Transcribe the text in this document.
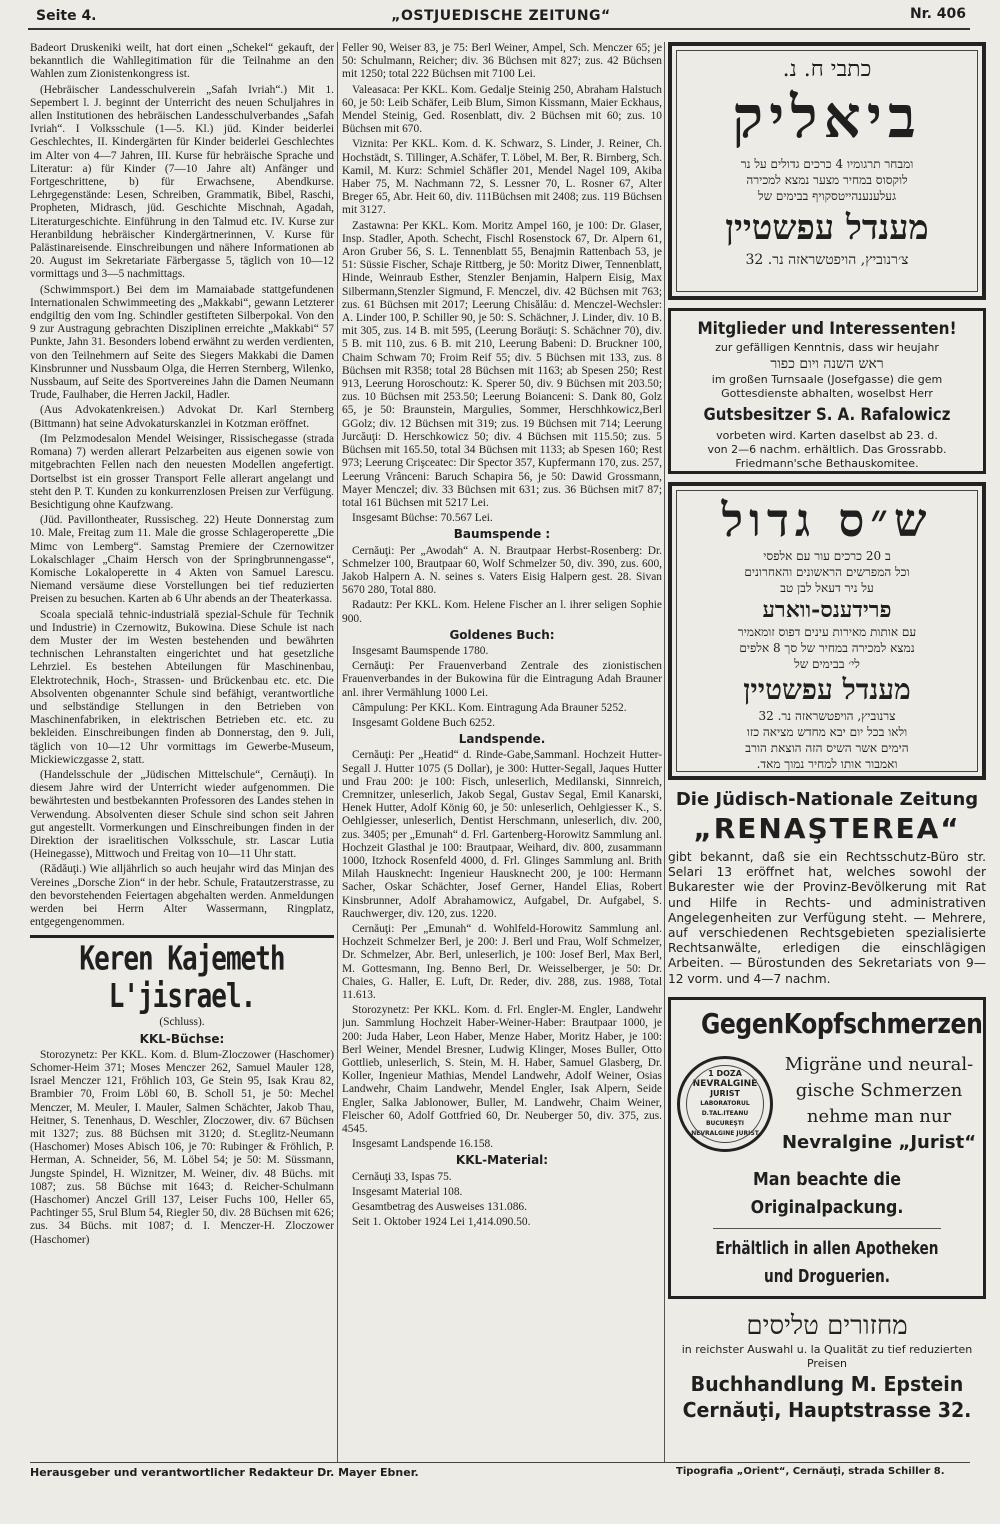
Seite 4.	„OSTJUEDISCHE ZEITUNG“	Nr. 406

Badeort Druskeniki weilt, hat dort einen „Schekel“ gekauft, der bekanntlich die Wahllegitimation für die Teilnahme an den Wahlen zum Zionistenkongress ist.

(Hebräischer Landesschulverein „Safah Ivriah“.) Mit 1. Sepembert l. J. beginnt der Unterricht des neuen Schuljahres in allen Institutionen des hebräischen Landesschulverbandes „Safah Ivriah“. I Volksschule (1—5. Kl.) jüd. Kinder beiderlei Geschlechtes, II. Kindergärten für Kinder beiderlei Geschlechtes im Alter von 4—7 Jahren, III. Kurse für hebräische Sprache und Literatur: a) für Kinder (7—10 Jahre alt) Anfänger und Fortgeschrittene, b) für Erwachsene, Abendkurse. Lehrgegenstände: Lesen, Schreiben, Grammatik, Bibel, Raschi, Propheten, Midrasch, jüd. Geschichte Mischnah, Agadah, Literaturgeschichte. Einführung in den Talmud etc. IV. Kurse zur Heranbildung hebräischer Kindergärtnerinnen, V. Kurse für Palästinareisende. Einschreibungen und nähere Informationen ab 20. August im Sekretariate Färbergasse 5, täglich von 10—12 vormittags und 3—5 nachmittags.

(Schwimmsport.) Bei dem im Mamaiabade stattgefundenen Internationalen Schwimmeeting des „Makkabi“, gewann Letzterer endgiltig den vom Ing. Schindler gestifteten Silberpokal. Von den 9 zur Austragung gebrachten Disziplinen erreichte „Makkabi“ 57 Punkte, Jahn 31. Besonders lobend erwähnt zu werden verdienten, von den Teilnehmern auf Seite des Siegers Makkabi die Damen Kinsbrunner und Nussbaum Olga, die Herren Sternberg, Wilenko, Nussbaum, auf Seite des Sportvereines Jahn die Damen Neumann Trude, Faulhaber, die Herren Jackil, Hadler.

(Aus Advokatenkreisen.) Advokat Dr. Karl Sternberg (Bittmann) hat seine Advokaturskanzlei in Kotzman eröffnet.

(Im Pelzmodesalon Mendel Weisinger, Rissischegasse (strada Romana) 7) werden allerart Pelzarbeiten aus eigenen sowie von mitgebrachten Fellen nach den neuesten Modellen angefertigt. Dortselbst ist ein grosser Transport Felle allerart angelangt und steht den P. T. Kunden zu konkurrenzlosen Preisen zur Verfügung. Besichtigung ohne Kaufzwang.

(Jüd. Pavillontheater, Russischeg. 22) Heute Donnerstag zum 10. Male, Freitag zum 11. Male die grosse Schlageroperette „Die Mimc von Lemberg“. Samstag Premiere der Czernowitzer Lokalschlager „Chaim Hersch von der Springbrunnengasse“, Komische Lokaloperette in 4 Akten von Samuel Larescu. Niemand versäume diese Vorstellungen bei tief reduzierten Preisen zu besuchen. Karten ab 6 Uhr abends an der Theaterkassa.

Scoala specială tehnic-industrială spezial-Schule für Technik und Industrie) in Czernowitz, Bukowina. Diese Schule ist nach dem Muster der im Westen bestehenden und bewährten technischen Lehranstalten eingerichtet und hat gesetzliche Lehrziel. Es bestehen Abteilungen für Maschinenbau, Elektrotechnik, Hoch-, Strassen- und Brückenbau etc. etc. Die Absolventen obgenannter Schule sind befähigt, verantwortliche und selbständige Stellungen in den Betrieben von Maschinenfabriken, in elektrischen Betrieben etc. etc. zu bekleiden. Einschreibungen finden ab Donnerstag, den 9. Juli, täglich von 10—12 Uhr vormittags im Gewerbe-Museum, Mickiewiczgasse 2, statt.

(Handelsschule der „Jüdischen Mittelschule“, Cernăuţi). In diesem Jahre wird der Unterricht wieder aufgenommen. Die bewährtesten und bestbekannten Professoren des Landes stehen in Verwendung. Absolventen dieser Schule sind schon seit Jahren gut angestellt. Vormerkungen und Einschreibungen finden in der Direktion der israelitischen Volksschule, str. Lascar Lutia (Heinegasse), Mittwoch und Freitag von 10—11 Uhr statt.

(Rădăuţi.) Wie alljährlich so auch heujahr wird das Minjan des Vereines „Dorsche Zion“ in der hebr. Schule, Fratautzerstrasse, zu den bevorstehenden Feiertagen abgehalten werden. Anmeldungen werden bei Herrn Alter Wassermann, Ringplatz, entgegengenommen.

Keren Kajemeth L'jisrael.

(Schluss).

KKL-Büchse:

Storozynetz: Per KKL. Kom. d. Blum-Zloczower (Haschomer) Schomer-Heim 371; Moses Menczer 262, Samuel Mauler 128, Israel Menczer 121, Fröhlich 103, Ge Stein 95, Isak Krau 82, Brambier 70, Froim Löbl 60, B. Scholl 51, je 50: Mechel Menczer, M. Meuler, I. Mauler, Salmen Schächter, Jakob Thau, Heitner, S. Tenenhaus, D. Weschler, Zloczower, div. 67 Büchsen mit 1327; zus. 88 Büchsen mit 3120; d. St.eglitz-Neumann (Haschomer) Moses Abisch 106, je 70: Rubinger & Fröhlich, P. Herman, A. Schneider, 56, M. Löbel 54; je 50: M. Süssmann, Jungste Spindel, H. Wiznitzer, M. Weiner, div. 48 Büchs. mit 1087; zus. 58 Büchse mit 1643; d. Reicher-Schulmann (Haschomer) Anczel Grill 137, Leiser Fuchs 100, Heller 65, Pachtinger 55, Srul Blum 54, Riegler 50, div. 28 Büchsen mit 626; zus. 34 Büchs. mit 1087; d. I. Menczer-H. Zloczower (Haschomer)

Feller 90, Weiser 83, je 75: Berl Weiner, Ampel, Sch. Menczer 65; je 50: Schulmann, Reicher; div. 36 Büchsen mit 827; zus. 42 Büchsen mit 1250; total 222 Büchsen mit 7100 Lei.

Valeasaca: Per KKL. Kom. Gedalje Steinig 250, Abraham Halstuch 60, je 50: Leib Schäfer, Leib Blum, Simon Kissmann, Maier Eckhaus, Mendel Steinig, Ged. Rosenblatt, div. 2 Büchsen mit 60; zus. 10 Büchsen mit 670.

Viznita: Per KKL. Kom. d. K. Schwarz, S. Linder, J. Reiner, Ch. Hochstädt, S. Tillinger, A.Schäfer, T. Löbel, M. Ber, R. Birnberg, Sch. Kamil, M. Kurz: Schmiel Schäfler 201, Mendel Nagel 109, Akiba Haber 75, M. Nachmann 72, S. Lessner 70, L. Rosner 67, Alter Breger 65, Abr. Heit 60, div. 111Büchsen mit 2408; zus. 119 Büchsen mit 3127.

Zastawna: Per KKL. Kom. Moritz Ampel 160, je 100: Dr. Glaser, Insp. Stadler, Apoth. Schecht, Fischl Rosenstock 67, Dr. Alpern 61, Aron Gruber 56, S. L. Tennenblatt 55, Benajmin Rattenbach 53, je 51: Süssie Fischer, Schaje Rittberg, je 50: Moritz Diwer, Tennenblatt, Hinde, Weinraub Esther, Stenzler Benjamin, Halpern Eisig, Max Silbermann,Stenzler Sigmund, F. Menczel, div. 42 Büchsen mit 763; zus. 61 Büchsen mit 2017; Leerung Chisălău: d. Menczel-Wechsler: A. Linder 100, P. Schiller 90, je 50: S. Schächner, J. Linder, div. 10 B. mit 305, zus. 14 B. mit 595, (Leerung Boräuţi: S. Schächner 70), div. 5 B. mit 110, zus. 6 B. mit 210, Leerung Babeni: D. Bruckner 100, Chaim Schwam 70; Froim Reif 55; div. 5 Büchsen mit 133, zus. 8 Büchsen mit R358; total 28 Büchsen mit 1163; ab Spesen 250; Rest 913, Leerung Horoschoutz: K. Sperer 50, div. 9 Büchsen mit 203.50; zus. 10 Büchsen mit 253.50; Leerung Boianceni: S. Dank 80, Golz 65, je 50: Braunstein, Margulies, Sommer, Herschhkowicz,Berl GGolz; div. 12 Büchsen mit 319; zus. 19 Büchsen mit 714; Leerung Jurcăuţi: D. Herschkowicz 50; div. 4 Büchsen mit 115.50; zus. 5 Büchsen mit 165.50, total 34 Büchsen mit 1133; ab Spesen 160; Rest 973; Leerung Crişceatec: Dir Spector 357, Kupfermann 170, zus. 257, Leerung Vrânceni: Baruch Schapira 56, je 50: Dawid Grossmann, Mayer Menczel; div. 33 Büchsen mit 631; zus. 36 Büchsen mit7 87; total 161 Büchsen mit 5217 Lei.

Insgesamt Büchse: 70.567 Lei.

Baumspende :

Cernăuţi: Per „Awodah“ A. N. Brautpaar Herbst-Rosenberg: Dr. Schmelzer 100, Brautpaar 60, Wolf Schmelzer 50, div. 390, zus. 600, Jakob Halpern A. N. seines s. Vaters Eisig Halpern gest. 28. Sivan 5670 280, Total 880.

Radautz: Per KKL. Kom. Helene Fischer an l. ihrer seligen Sophie 900.

Goldenes Buch:

Insgesamt Baumspende 1780.

Cernăuţi: Per Frauenverband Zentrale des zionistischen Frauenverbandes in der Bukowina für die Eintragung Adah Brauner anl. ihrer Vermählung 1000 Lei.

Câmpulung: Per KKL. Kom. Eintragung Ada Brauner 5252.

Insgesamt Goldene Buch 6252.

Landspende.

Cernăuţi: Per „Heatid“ d. Rinde-Gabe,Sammanl. Hochzeit Hutter-Segall J. Hutter 1075 (5 Dollar), je 300: Hutter-Segall, Jaques Hutter und Frau 200: je 100: Fisch, unleserlich, Medilanski, Sinnreich, Cremnitzer, unleserlich, Jakob Segal, Gustav Segal, Emil Kanarski, Henek Hutter, Adolf König 60, je 50: unleserlich, Oehlgiesser K., S. Oehlgiesser, unleserlich, Dentist Herschmann, unleserlich, div. 200, zus. 3405; per „Emunah“ d. Frl. Gartenberg-Horowitz Sammlung anl. Hochzeit Glasthal je 100: Brautpaar, Weihard, div. 800, zusammann 1000, Itzhock Rosenfeld 4000, d. Frl. Glinges Sammlung anl. Brith Milah Hausknecht: Ingenieur Hausknecht 200, je 100: Hermann Sacher, Oskar Schächter, Josef Gerner, Handel Elias, Robert Kinsbrunner, Adolf Abrahamowicz, Aufgabel, Dr. Aufgabel, S. Rauchwerger, div. 120, zus. 1220.

Cernăuţi: Per „Emunah“ d. Wohlfeld-Horowitz Sammlung anl. Hochzeit Schmelzer Berl, je 200: J. Berl und Frau, Wolf Schmelzer, Dr. Schmelzer, Abr. Berl, unleserlich, je 100: Josef Berl, Max Berl, M. Gottesmann, Ing. Benno Berl, Dr. Weisselberger, je 50: Dr. Chaies, G. Haller, E. Luft, Dr. Reder, div. 288, zus. 1988, Total 11.613.

Storozynetz: Per KKL. Kom. d. Frl. Engler-M. Engler, Landwehr jun. Sammlung Hochzeit Haber-Weiner-Haber: Brautpaar 1000, je 200: Juda Haber, Leon Haber, Menze Haber, Moritz Haber, je 100: Berl Weiner, Mendel Bresner, Ludwig Klinger, Moses Buller, Otto Gottlieb, unleserlich, S. Stein, M. H. Haber, Samuel Glasberg, Dr. Koller, Ingenieur Mathias, Mendel Landwehr, Adolf Weiner, Osias Landwehr, Chaim Landwehr, Mendel Engler, Isak Alpern, Seide Engler, Salka Jablonower, Buller, M. Landwehr, Chaim Weiner, Fleischer 60, Adolf Gottfried 60, Dr. Neuberger 50, div. 375, zus. 4545.

Insgesamt Landspende 16.158.

KKL-Material:

Cernăuţi 33, Ispas 75.

Insgesamt Material 108.

Gesamtbetrag des Ausweises 131.086.

Seit 1. Oktober 1924 Lei 1,414.090.50.

כתבי ח. נ.
ביאליק
ומבחר תרגומיו 4 כרכים גדולים על נר
לוקסוס במחיר מצער נמצא למכירה
געלענענהייטסקויף בבימים של
מענדל עפשטיין
צ׳רנוביץ, הויפטשראזה נר. 32
Mitglieder und Interessenten!
zur gefälligen Kenntnis, dass wir heujahr
ראש השנה ויום כפור
im großen Turnsaale (Josefgasse) die gem
Gottesdienste abhalten, woselbst Herr
Gutsbesitzer S. A. Rafalowicz
vorbeten wird. Karten daselbst ab 23. d.
von 2—6 nachm. erhältlich. Das Grossrabb.
Friedmann'sche Bethauskomitee.
ש״ס גדול
ב 20 כרכים עור עם אלפסי
וכל המפרשים הראשונים והאחרונים
על ניר דעאל לבן טב
פרידענס-ווארע
עם אותות מאירות עינים דפוס זומאמיר
נמצא למכירה במחיר של סך 8 אלפים
לי׳ בבימים של
מענדל עפשטיין
צרנוביץ, הויפטשראזה נר. 32
ולאו בכל יום יבא מחדש מציאה כזו
הימים אשר השיס הזה הוצאת הורב
ואמבור אותו למחיר נמוך מאד.
Die Jüdisch-Nationale Zeitung
„RENAŞTEREA“
gibt bekannt, daß sie ein Rechtsschutz-Büro str. Selari 13 eröffnet hat, welches sowohl der Bukarester wie der Provinz-Bevölkerung mit Rat und Hilfe in Rechts- und administrativen Angelegenheiten zur Verfügung steht. — Mehrere, auf verschiedenen Rechtsgebieten spezialisierte Rechtsanwälte, erledigen die einschlägigen Arbeiten. — Bürostunden des Sekretariats von 9—12 vorm. und 4—7 nachm.
GegenKopfschmerzen
1 DOZA
NEVRALGINE
JURIST
LABORATORUL
D.TAL.ITEANU
BUCUREŞTI
NEVRALGINE JURIST
Migräne und neural-
gische Schmerzen
nehme man nur
Nevralgine „Jurist“
Man beachte die Originalpackung.
Erhältlich in allen Apotheken und Droguerien.
מחזורים טליסים
in reichster Auswahl u. la Qualität zu tief reduzierten Preisen
Buchhandlung M. Epstein
Cernăuţi, Hauptstrasse 32.
Herausgeber und verantwortlicher Redakteur Dr. Mayer Ebner.	Tipografia „Orient“, Cernăuţi, strada Schiller 8.
